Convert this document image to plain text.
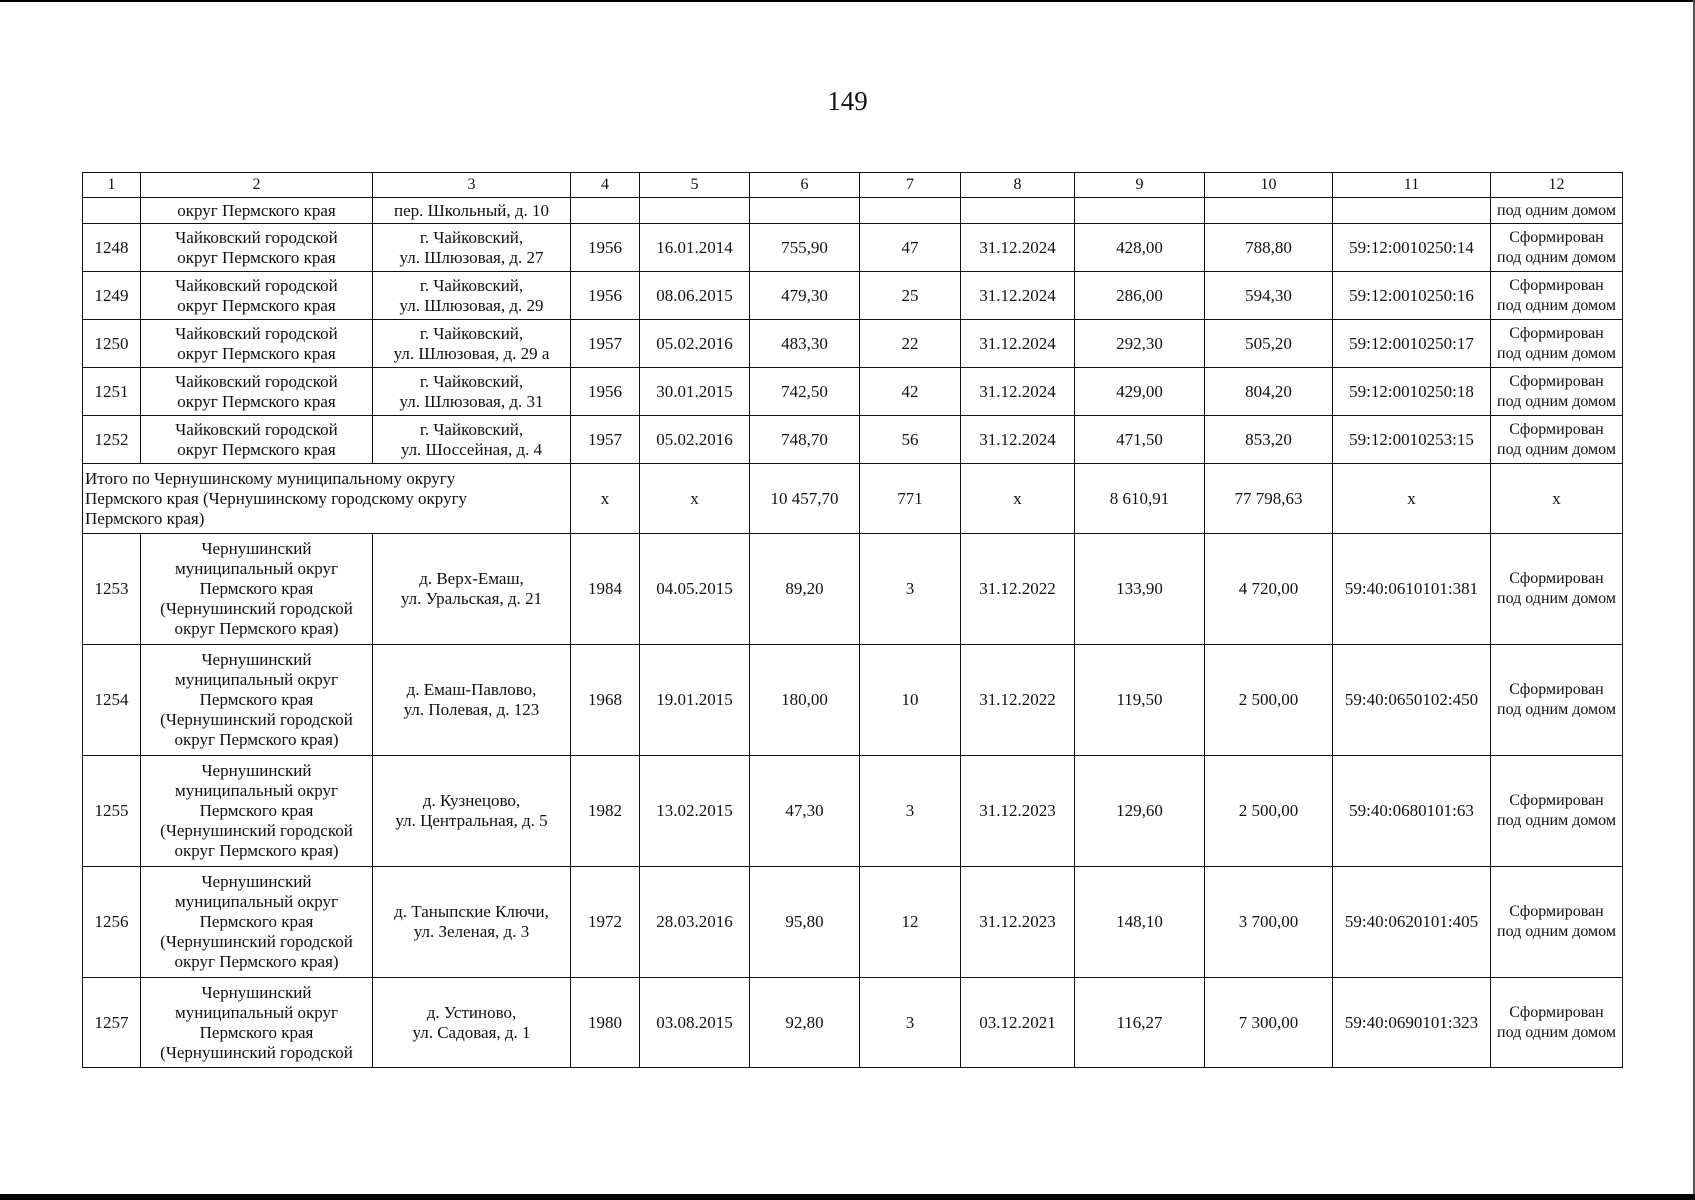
149
1	2	3	4	5	6	7	8	9	10	11	12
	округ Пермского края	пер. Школьный, д. 10									под одним домом
1248	Чайковский городской
округ Пермского края	г. Чайковский,
ул. Шлюзовая, д. 27	1956	16.01.2014	755,90	47	31.12.2024	428,00	788,80	59:12:0010250:14	Сформирован
под одним домом

1249	Чайковский городской
округ Пермского края	г. Чайковский,
ул. Шлюзовая, д. 29	1956	08.06.2015	479,30	25	31.12.2024	286,00	594,30	59:12:0010250:16	Сформирован
под одним домом

1250	Чайковский городской
округ Пермского края	г. Чайковский,
ул. Шлюзовая, д. 29 а	1957	05.02.2016	483,30	22	31.12.2024	292,30	505,20	59:12:0010250:17	Сформирован
под одним домом

1251	Чайковский городской
округ Пермского края	г. Чайковский,
ул. Шлюзовая, д. 31	1956	30.01.2015	742,50	42	31.12.2024	429,00	804,20	59:12:0010250:18	Сформирован
под одним домом

1252	Чайковский городской
округ Пермского края	г. Чайковский,
ул. Шоссейная, д. 4	1957	05.02.2016	748,70	56	31.12.2024	471,50	853,20	59:12:0010253:15	Сформирован
под одним домом

Итого по Чернушинскому муниципальному округу
Пермского края (Чернушинскому городскому округу
Пермского края)			х	х	10 457,70	771	х	8 610,91	77 798,63	х	х
1253	Чернушинский
муниципальный округ
Пермского края
(Чернушинский городской
округ Пермского края)	д. Верх-Емаш,
ул. Уральская, д. 21	1984	04.05.2015	89,20	3	31.12.2022	133,90	4 720,00	59:40:0610101:381	Сформирован
под одним домом

1254	Чернушинский
муниципальный округ
Пермского края
(Чернушинский городской
округ Пермского края)	д. Емаш-Павлово,
ул. Полевая, д. 123	1968	19.01.2015	180,00	10	31.12.2022	119,50	2 500,00	59:40:0650102:450	Сформирован
под одним домом

1255	Чернушинский
муниципальный округ
Пермского края
(Чернушинский городской
округ Пермского края)	д. Кузнецово,
ул. Центральная, д. 5	1982	13.02.2015	47,30	3	31.12.2023	129,60	2 500,00	59:40:0680101:63	Сформирован
под одним домом

1256	Чернушинский
муниципальный округ
Пермского края
(Чернушинский городской
округ Пермского края)	д. Таныпские Ключи,
ул. Зеленая, д. 3	1972	28.03.2016	95,80	12	31.12.2023	148,10	3 700,00	59:40:0620101:405	Сформирован
под одним домом

1257	Чернушинский
муниципальный округ
Пермского края
(Чернушинский городской	д. Устиново,
ул. Садовая, д. 1	1980	03.08.2015	92,80	3	03.12.2021	116,27	7 300,00	59:40:0690101:323	Сформирован
под одним домом
